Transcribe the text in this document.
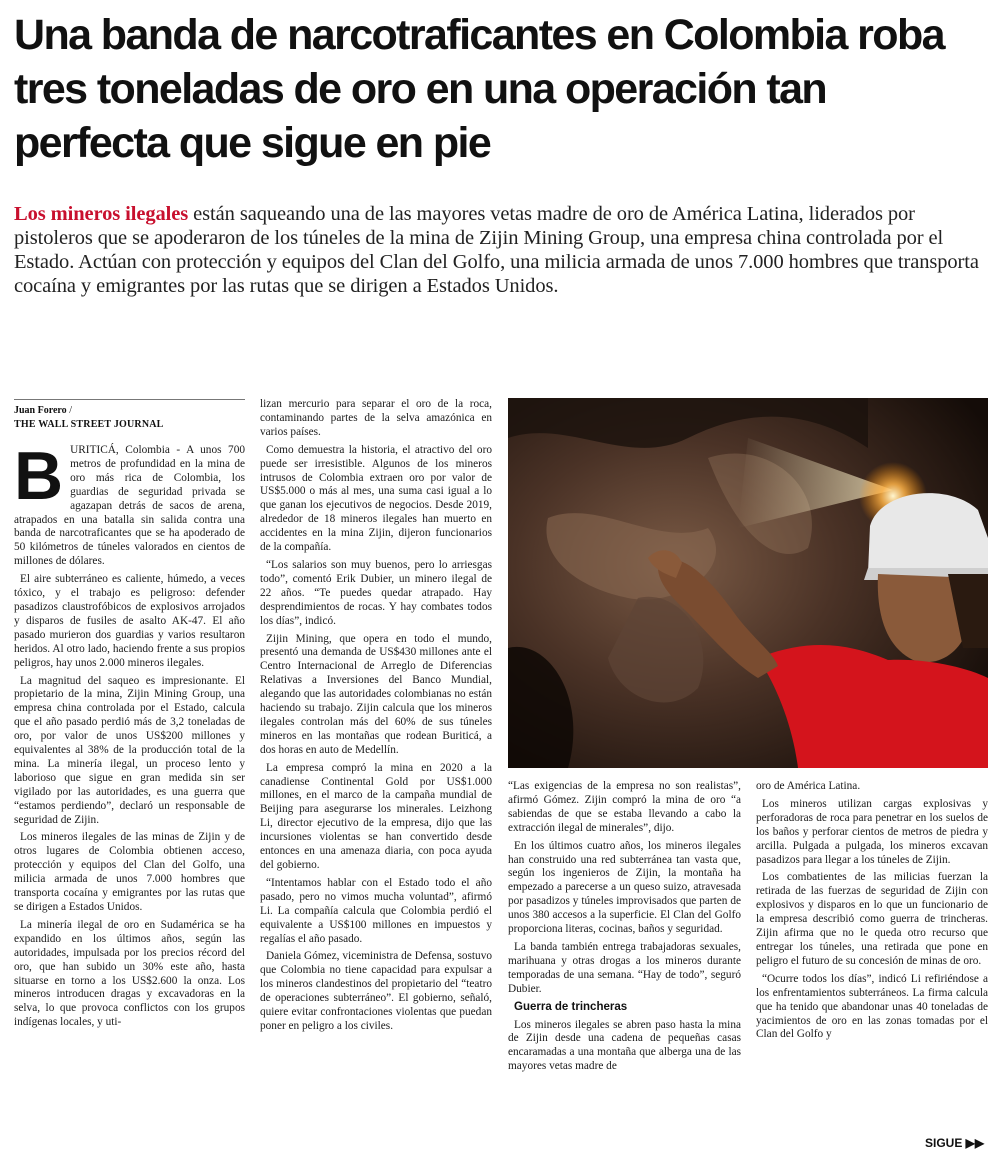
Una banda de narcotraficantes en Colombia roba tres toneladas de oro en una operación tan perfecta que sigue en pie

Los mineros ilegales están saqueando una de las mayores vetas madre de oro de América Latina, liderados por pistoleros que se apoderaron de los túneles de la mina de Zijin Mining Group, una empresa china controlada por el Estado. Actúan con protección y equipos del Clan del Golfo, una milicia armada de unos 7.000 hombres que transporta cocaína y emigrantes por las rutas que se dirigen a Estados Unidos.

Juan Forero /
THE WALL STREET JOURNAL
B URITICÁ, Colombia - A unos 700 metros de profundidad en la mina de oro más rica de Colombia, los guardias de seguridad privada se agazapan detrás de sacos de arena, atrapados en una batalla sin salida contra una banda de narcotraficantes que se ha apoderado de 50 kilómetros de túneles valorados en cientos de millones de dólares.

El aire subterráneo es caliente, húmedo, a veces tóxico, y el trabajo es peligroso: defender pasadizos claustrofóbicos de explosivos arrojados y disparos de fusiles de asalto AK-47. El año pasado murieron dos guardias y varios resultaron heridos. Al otro lado, haciendo frente a sus propios peligros, hay unos 2.000 mineros ilegales.

La magnitud del saqueo es impresionante. El propietario de la mina, Zijin Mining Group, una empresa china controlada por el Estado, calcula que el año pasado perdió más de 3,2 toneladas de oro, por valor de unos US$200 millones y equivalentes al 38% de la producción total de la mina. La minería ilegal, un proceso lento y laborioso que sigue en gran medida sin ser vigilado por las autoridades, es una guerra que “estamos perdiendo”, declaró un responsable de seguridad de Zijin.

Los mineros ilegales de las minas de Zijin y de otros lugares de Colombia obtienen acceso, protección y equipos del Clan del Golfo, una milicia armada de unos 7.000 hombres que transporta cocaína y emigrantes por las rutas que se dirigen a Estados Unidos.

La minería ilegal de oro en Sudamérica se ha expandido en los últimos años, según las autoridades, impulsada por los precios récord del oro, que han subido un 30% este año, hasta situarse en torno a los US$2.600 la onza. Los mineros introducen dragas y excavadoras en la selva, lo que provoca conflictos con los grupos indígenas locales, y uti-

lizan mercurio para separar el oro de la roca, contaminando partes de la selva amazónica en varios países.

Como demuestra la historia, el atractivo del oro puede ser irresistible. Algunos de los mineros intrusos de Colombia extraen oro por valor de US$5.000 o más al mes, una suma casi igual a lo que ganan los ejecutivos de negocios. Desde 2019, alrededor de 18 mineros ilegales han muerto en accidentes en la mina Zijin, dijeron funcionarios de la compañía.

“Los salarios son muy buenos, pero lo arriesgas todo”, comentó Erik Dubier, un minero ilegal de 22 años. “Te puedes quedar atrapado. Hay desprendimientos de rocas. Y hay combates todos los días”, indicó.

Zijin Mining, que opera en todo el mundo, presentó una demanda de US$430 millones ante el Centro Internacional de Arreglo de Diferencias Relativas a Inversiones del Banco Mundial, alegando que las autoridades colombianas no están haciendo su trabajo. Zijin calcula que los mineros ilegales controlan más del 60% de sus túneles mineros en las montañas que rodean Buriticá, a dos horas en auto de Medellín.

La empresa compró la mina en 2020 a la canadiense Continental Gold por US$1.000 millones, en el marco de la campaña mundial de Beijing para asegurarse los minerales. Leizhong Li, director ejecutivo de la empresa, dijo que las incursiones violentas se han convertido desde entonces en una amenaza diaria, con poca ayuda del gobierno.

“Intentamos hablar con el Estado todo el año pasado, pero no vimos mucha voluntad”, afirmó Li. La compañía calcula que Colombia perdió el equivalente a US$100 millones en impuestos y regalías el año pasado.

Daniela Gómez, viceministra de Defensa, sostuvo que Colombia no tiene capacidad para expulsar a los mineros clandestinos del propietario del “teatro de operaciones subterráneo”. El gobierno, señaló, quiere evitar confrontaciones violentas que puedan poner en peligro a los civiles.

“Las exigencias de la empresa no son realistas”, afirmó Gómez. Zijin compró la mina de oro “a sabiendas de que se estaba llevando a cabo la extracción ilegal de minerales”, dijo.

En los últimos cuatro años, los mineros ilegales han construido una red subterránea tan vasta que, según los ingenieros de Zijin, la montaña ha empezado a parecerse a un queso suizo, atravesada por pasadizos y túneles improvisados que parten de unos 380 accesos a la superficie. El Clan del Golfo proporciona literas, cocinas, baños y seguridad.

La banda también entrega trabajadoras sexuales, marihuana y otras drogas a los mineros durante temporadas de una semana. “Hay de todo”, seguró Dubier.

Guerra de trincheras

Los mineros ilegales se abren paso hasta la mina de Zijin desde una cadena de pequeñas casas encaramadas a una montaña que alberga una de las mayores vetas madre de

oro de América Latina.

Los mineros utilizan cargas explosivas y perforadoras de roca para penetrar en los suelos de los baños y perforar cientos de metros de piedra y arcilla. Pulgada a pulgada, los mineros excavan pasadizos para llegar a los túneles de Zijin.

Los combatientes de las milicias fuerzan la retirada de las fuerzas de seguridad de Zijin con explosivos y disparos en lo que un funcionario de la empresa describió como guerra de trincheras. Zijin afirma que no le queda otro recurso que entregar los túneles, una retirada que pone en peligro el futuro de su concesión de minas de oro.

“Ocurre todos los días”, indicó Li refiriéndose a los enfrentamientos subterráneos. La firma calcula que ha tenido que abandonar unas 40 toneladas de yacimientos de oro en las zonas tomadas por el Clan del Golfo y

SIGUE ▶▶
